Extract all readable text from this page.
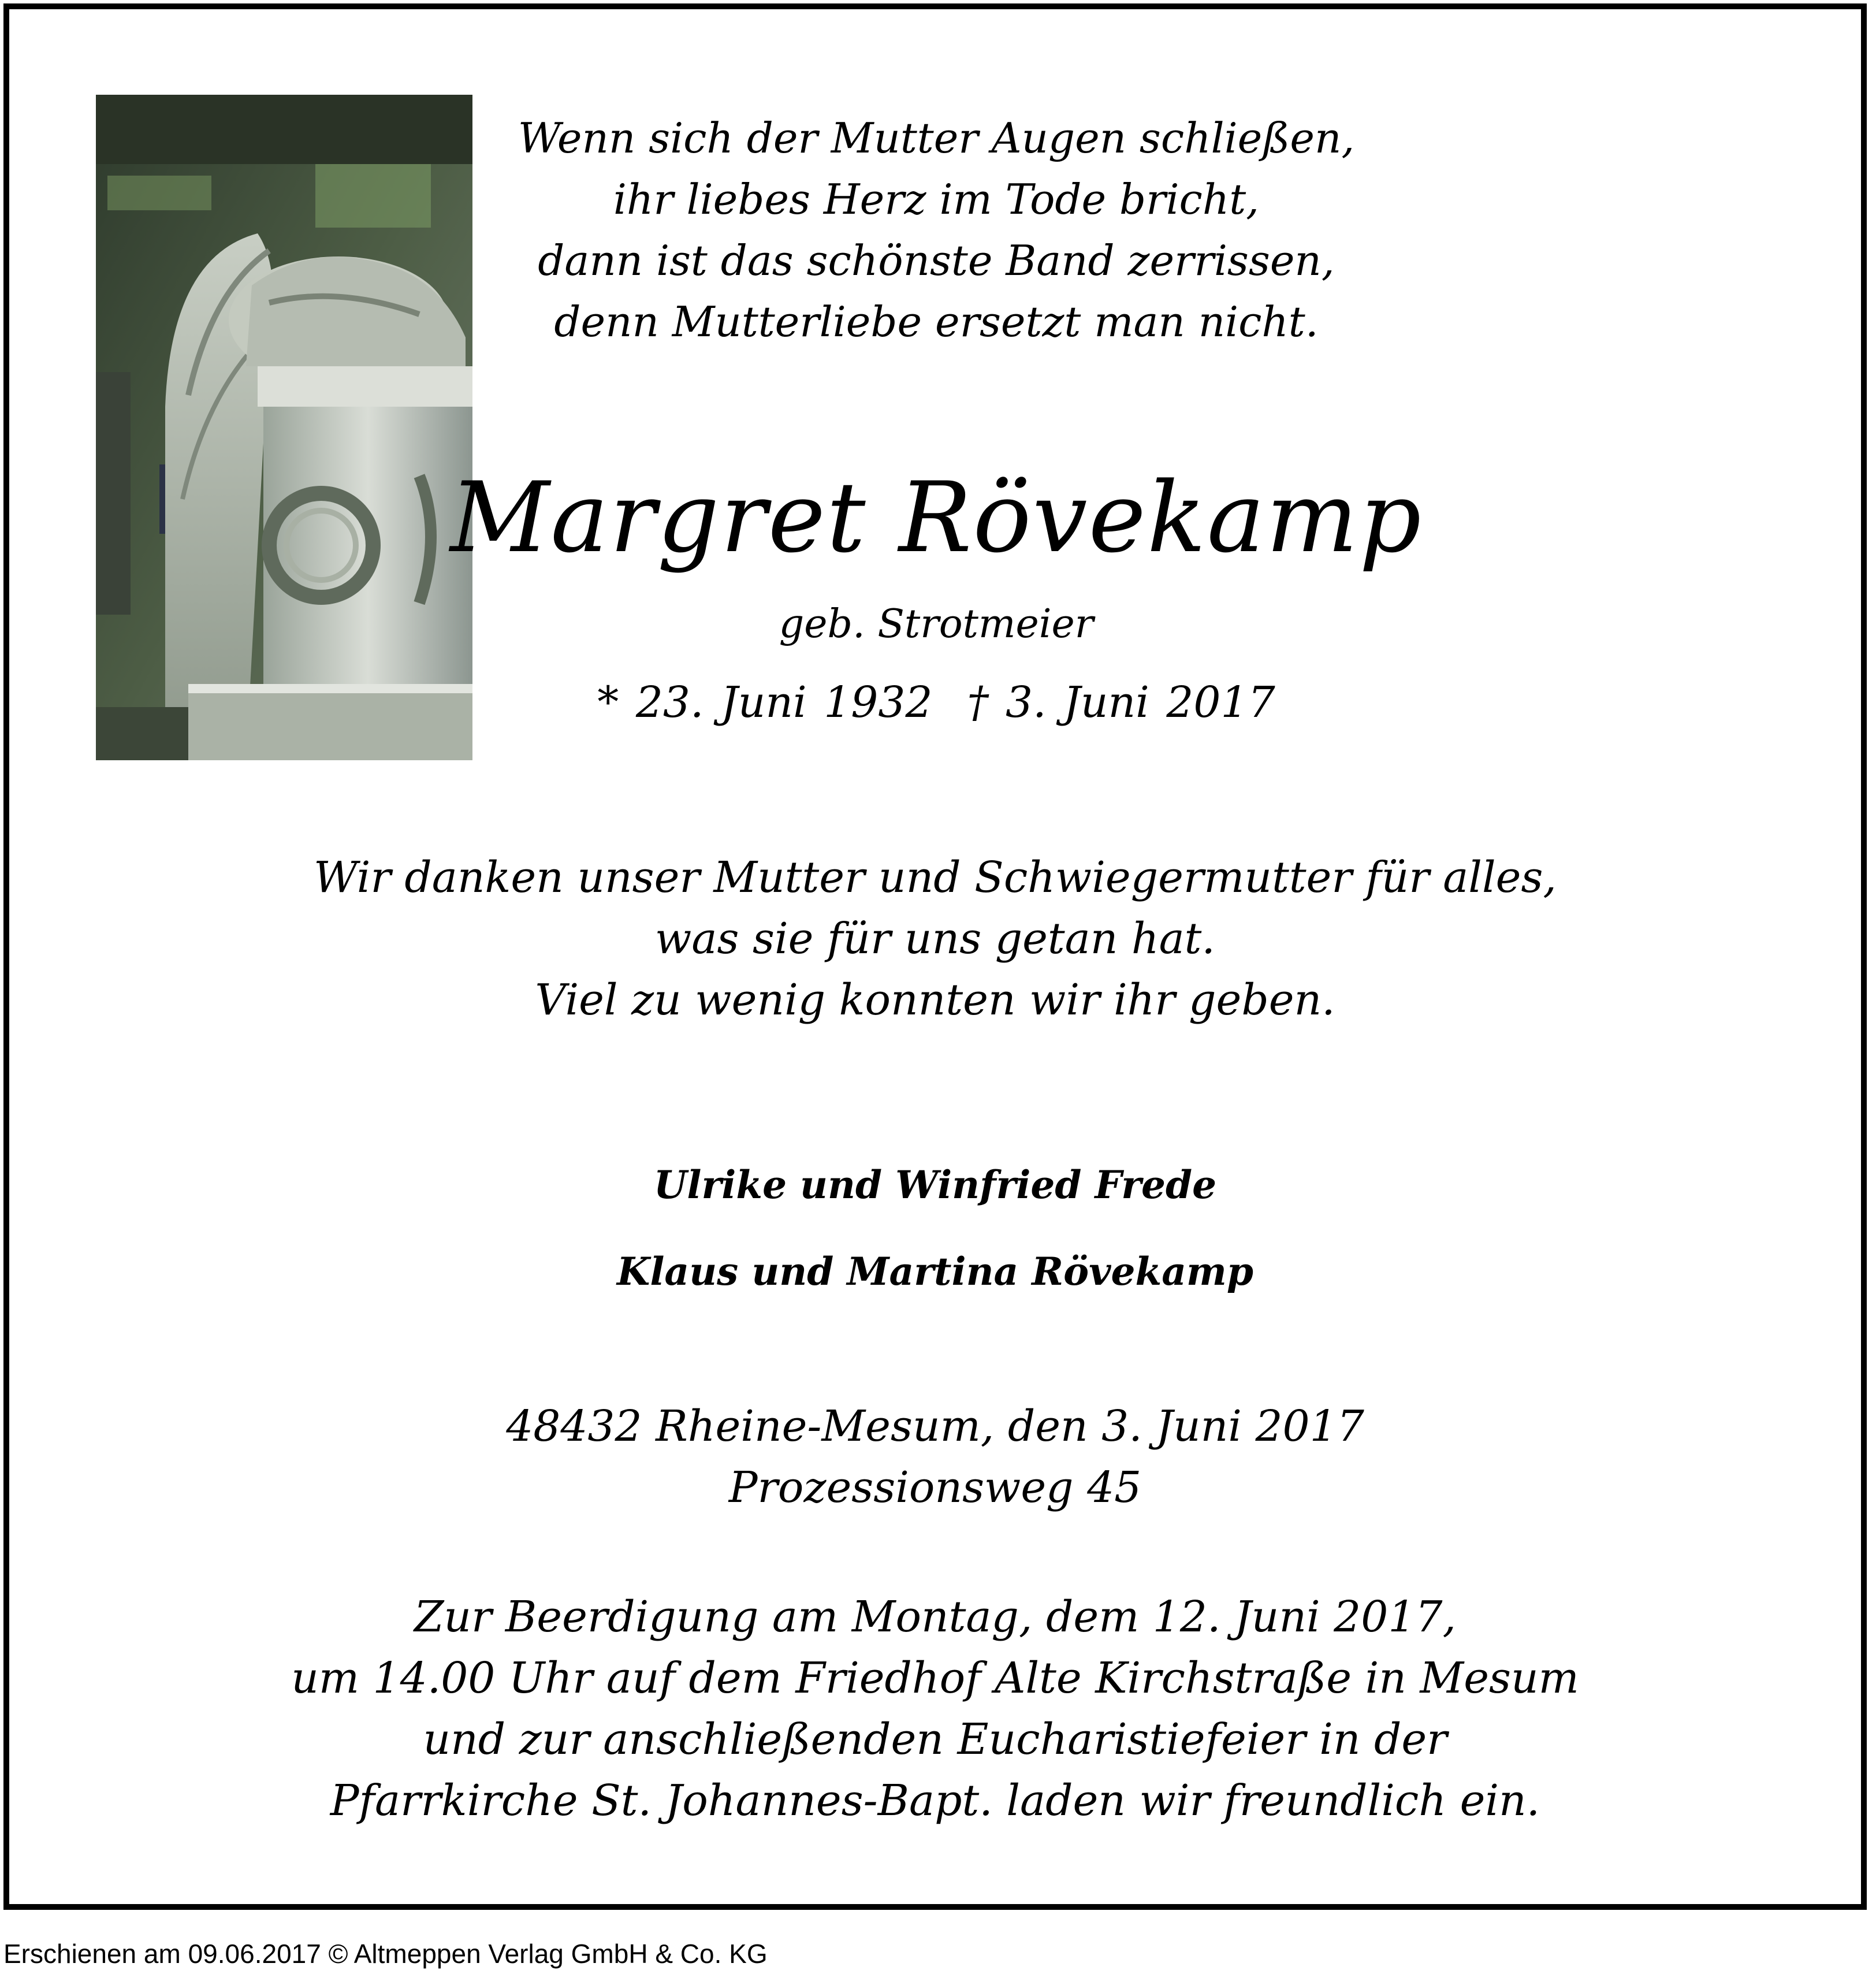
Wenn sich der Mutter Augen schließen,
ihr liebes Herz im Tode bricht,
dann ist das schönste Band zerrissen,
denn Mutterliebe ersetzt man nicht.
Margret Rövekamp
geb. Strotmeier
* 23. Juni 1932 † 3. Juni 2017
Wir danken unser Mutter und Schwiegermutter für alles,
was sie für uns getan hat.
Viel zu wenig konnten wir ihr geben.
Ulrike und Winfried Frede
Klaus und Martina Rövekamp
48432 Rheine-Mesum, den 3. Juni 2017
Prozessionsweg 45
Zur Beerdigung am Montag, dem 12. Juni 2017,
um 14.00 Uhr auf dem Friedhof Alte Kirchstraße in Mesum
und zur anschließenden Eucharistiefeier in der
Pfarrkirche St. Johannes-Bapt. laden wir freundlich ein.
Erschienen am 09.06.2017 © Altmeppen Verlag GmbH & Co. KG
